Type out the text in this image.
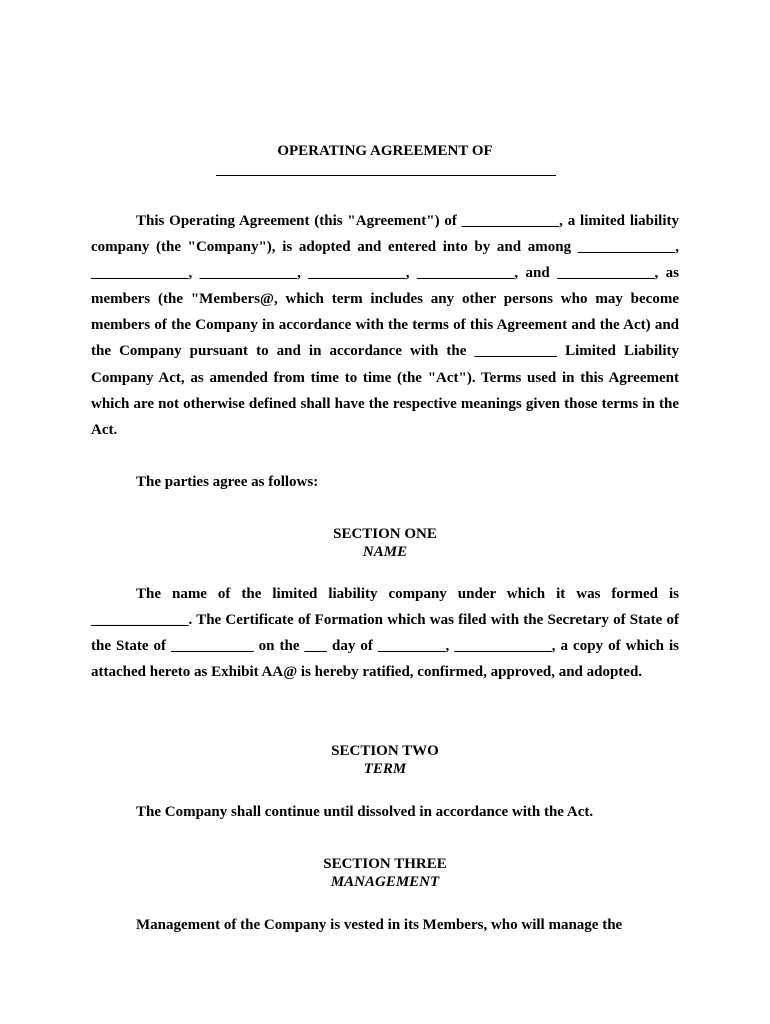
OPERATING AGREEMENT OF

This Operating Agreement (this "Agreement") of _____________, a limited liability company (the "Company"), is adopted and entered into by and among _____________, _____________, _____________, _____________, _____________, and _____________, as members (the "Members@, which term includes any other persons who may become members of the Company in accordance with the terms of this Agreement and the Act) and the Company pursuant to and in accordance with the ___________ Limited Liability Company Act, as amended from time to time (the "Act"). Terms used in this Agreement which are not otherwise defined shall have the respective meanings given those terms in the Act.

The parties agree as follows:

SECTION ONE
NAME

The name of the limited liability company under which it was formed is _____________. The Certificate of Formation which was filed with the Secretary of State of the State of ___________ on the ___ day of _________, _____________, a copy of which is attached hereto as Exhibit AA@ is hereby ratified, confirmed, approved, and adopted.

SECTION TWO
TERM

The Company shall continue until dissolved in accordance with the Act.

SECTION THREE
MANAGEMENT

Management of the Company is vested in its Members, who will manage the
